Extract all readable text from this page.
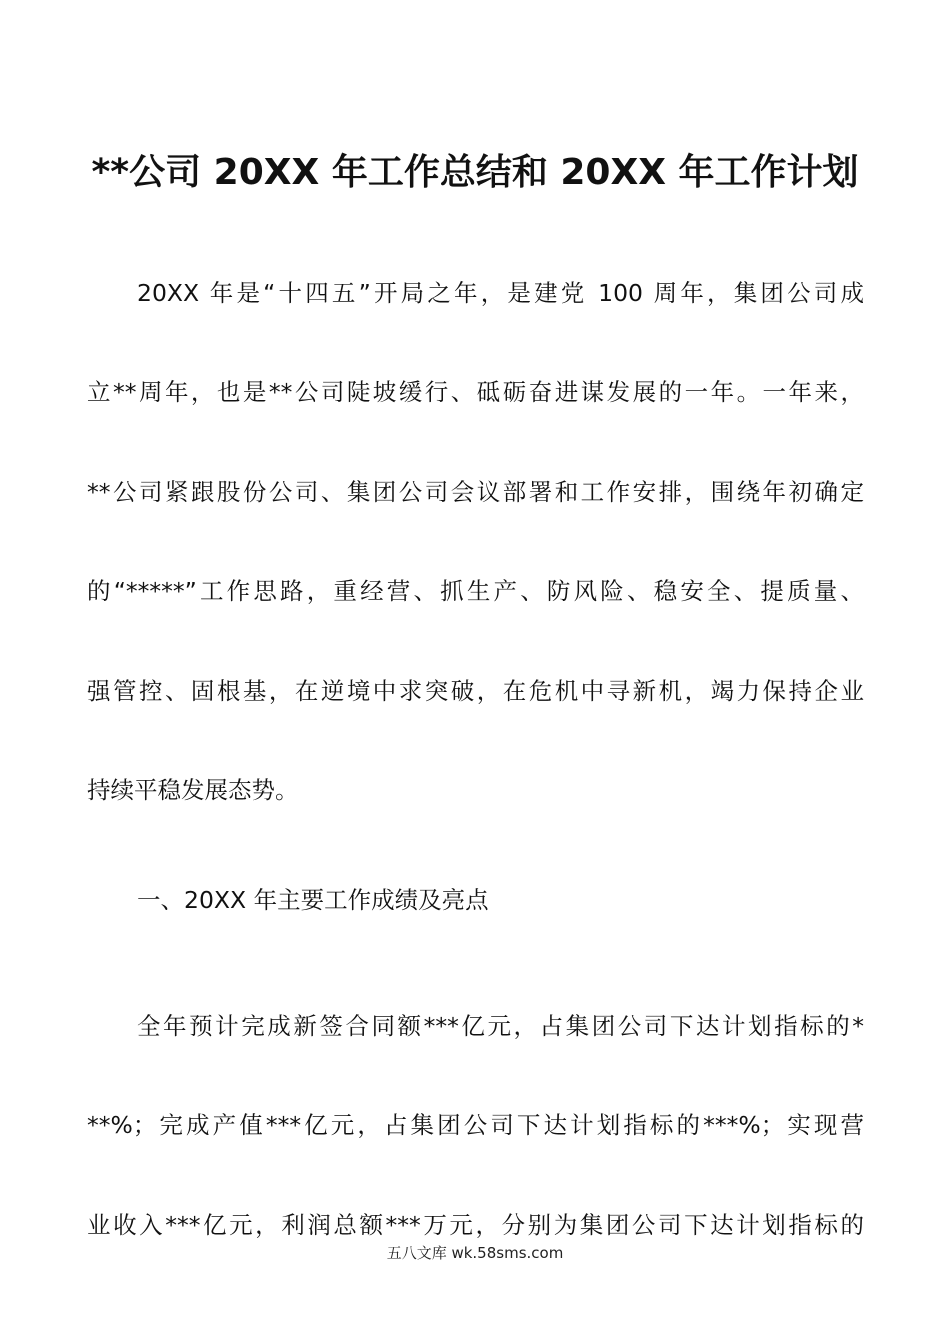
**公司 20XX 年工作总结和 20XX 年工作计划
20XX 年是“十四五”开局之年，是建党 100 周年，集团公司成
立**周年，也是**公司陡坡缓行、砥砺奋进谋发展的一年。一年来，
**公司紧跟股份公司、集团公司会议部署和工作安排，围绕年初确定
的“*****”工作思路，重经营、抓生产、防风险、稳安全、提质量、
强管控、固根基，在逆境中求突破，在危机中寻新机，竭力保持企业
持续平稳发展态势。
一、20XX 年主要工作成绩及亮点
全年预计完成新签合同额***亿元，占集团公司下达计划指标的*
**%；完成产值***亿元，占集团公司下达计划指标的***%；实现营
业收入***亿元，利润总额***万元，分别为集团公司下达计划指标的
五八文库 wk.58sms.com
